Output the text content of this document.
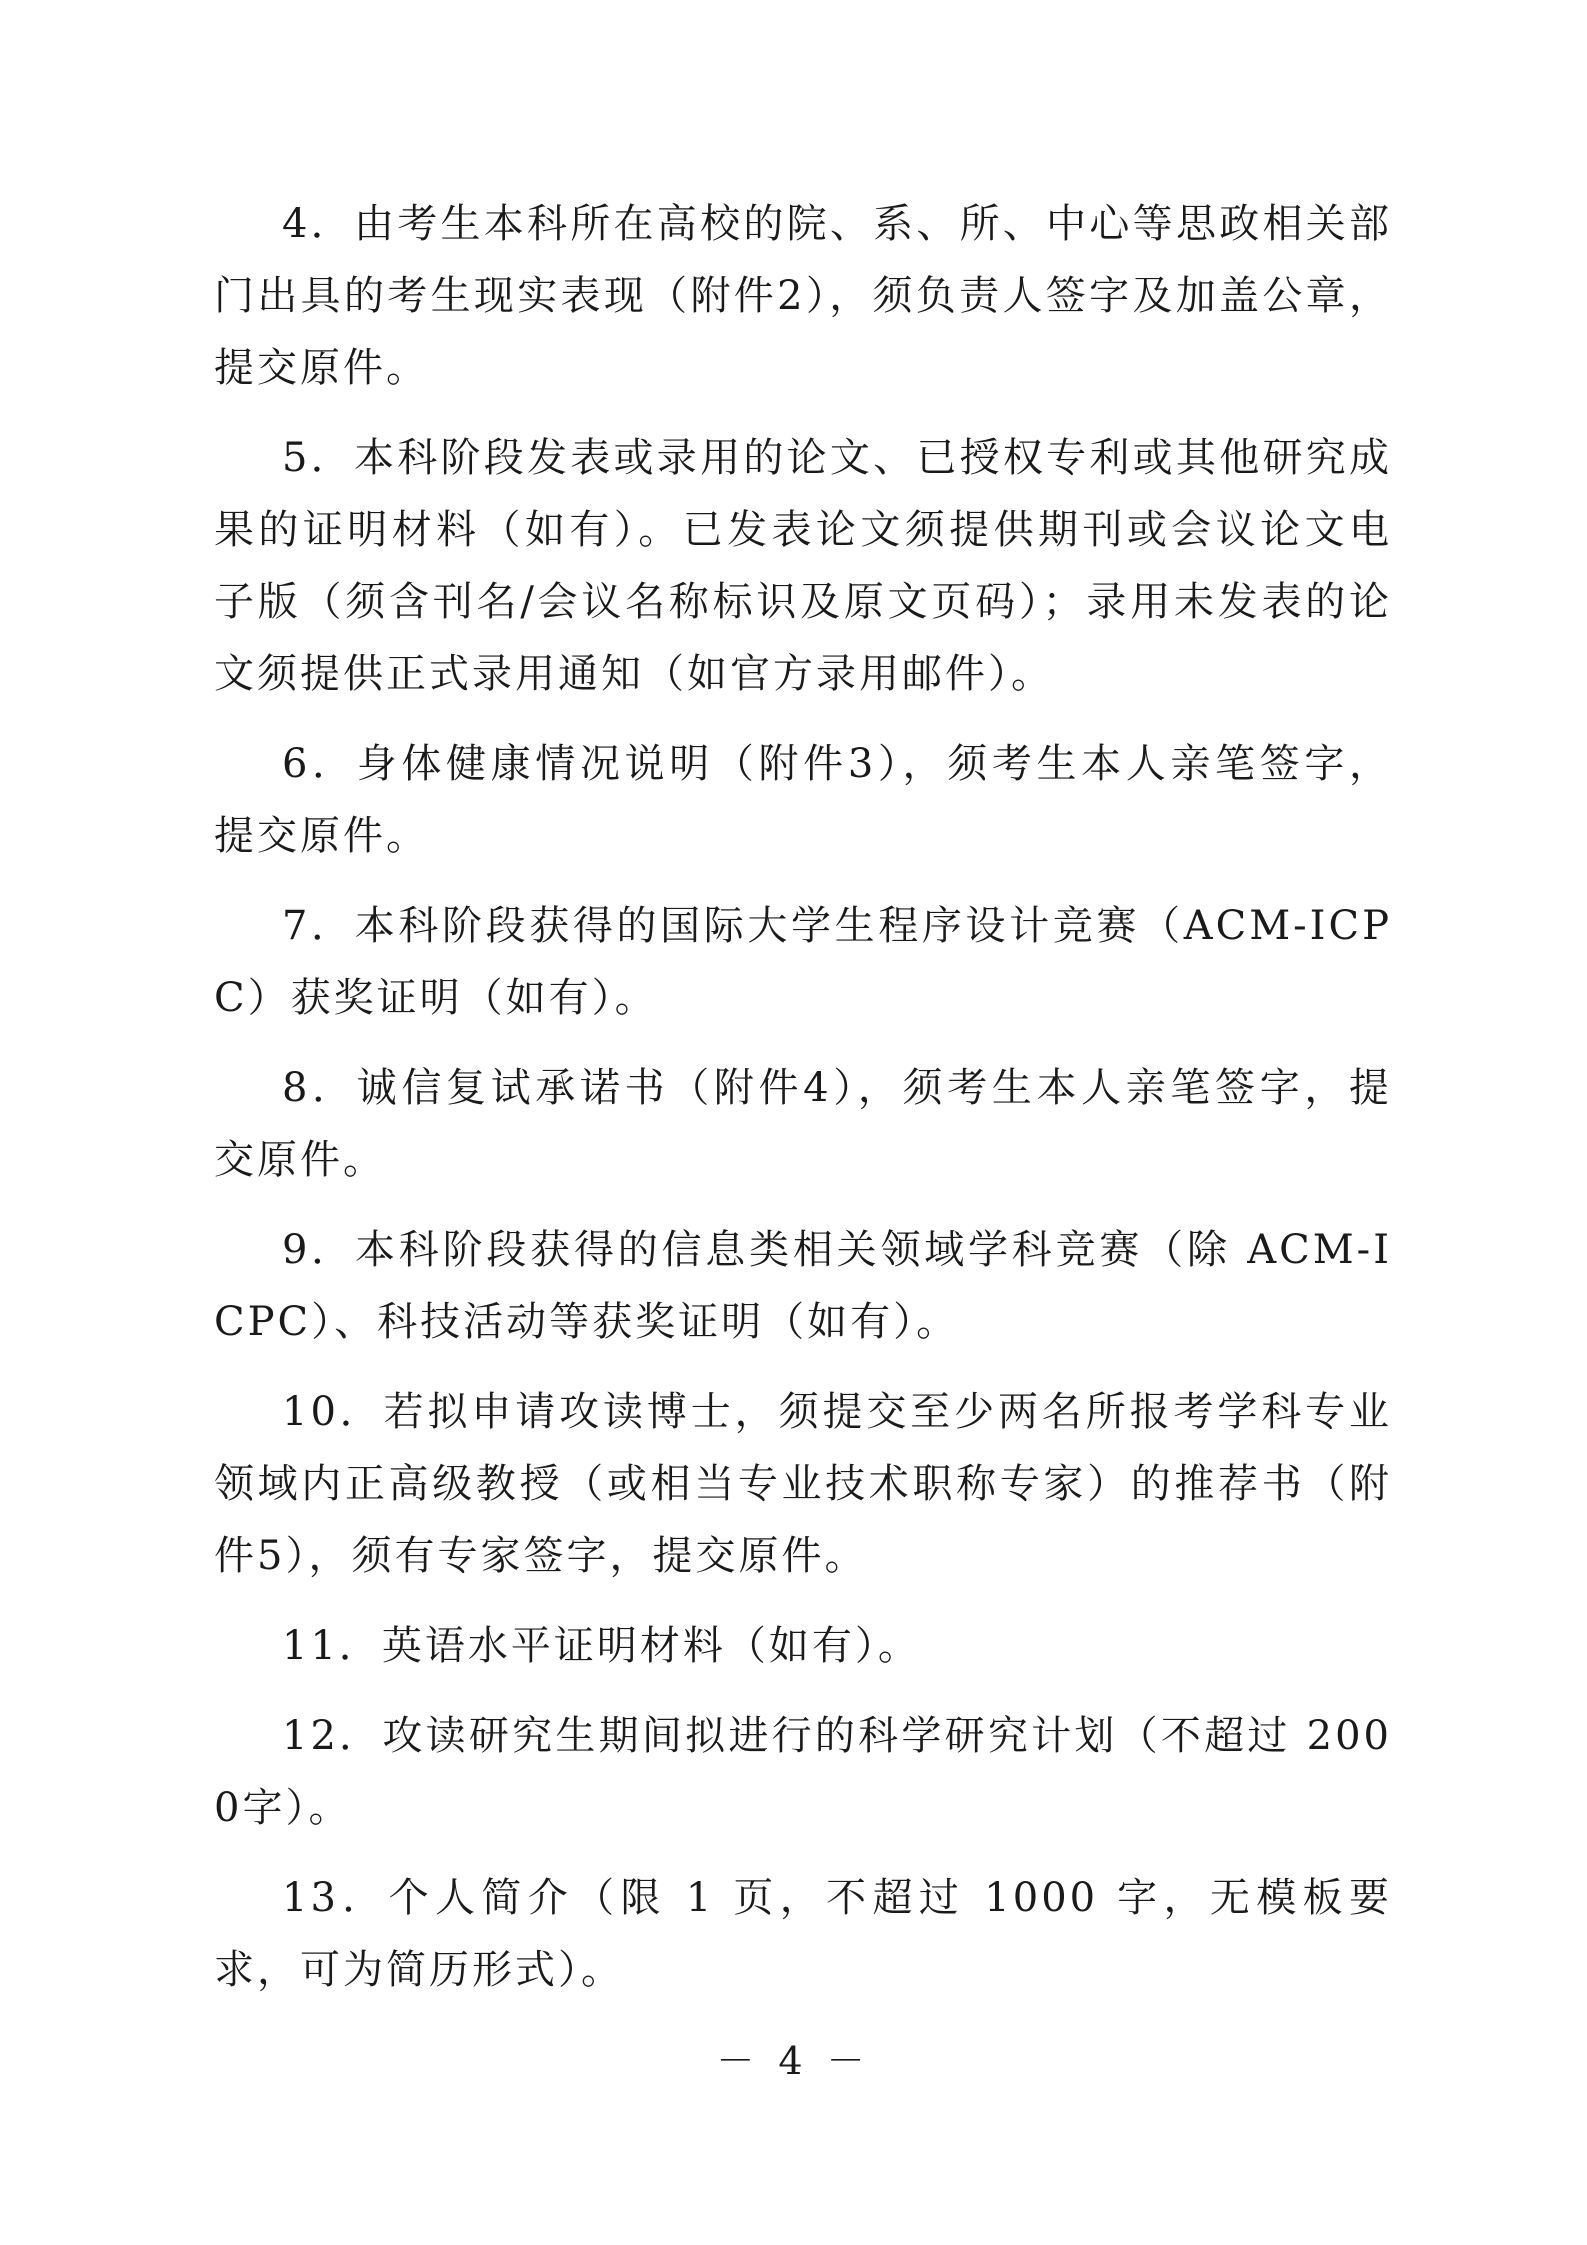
4．由考生本科所在高校的院、系、所、中心等思政相关部门出具的考生现实表现（附件2），须负责人签字及加盖公章，提交原件。

5．本科阶段发表或录用的论文、已授权专利或其他研究成果的证明材料（如有）。已发表论文须提供期刊或会议论文电子版（须含刊名/会议名称标识及原文页码）；录用未发表的论文须提供正式录用通知（如官方录用邮件）。

6．身体健康情况说明（附件3），须考生本人亲笔签字，提交原件。

7．本科阶段获得的国际大学生程序设计竞赛（ACM-ICPC）获奖证明（如有）。

8．诚信复试承诺书（附件4），须考生本人亲笔签字，提交原件。

9．本科阶段获得的信息类相关领域学科竞赛（除 ACM-ICPC）、科技活动等获奖证明（如有）。

10．若拟申请攻读博士，须提交至少两名所报考学科专业领域内正高级教授（或相当专业技术职称专家）的推荐书（附件5），须有专家签字，提交原件。

11．英语水平证明材料（如有）。

12．攻读研究生期间拟进行的科学研究计划（不超过 2000字）。

13．个人简介（限 1 页，不超过 1000 字，无模板要求，可为简历形式）。

－ 4 －
